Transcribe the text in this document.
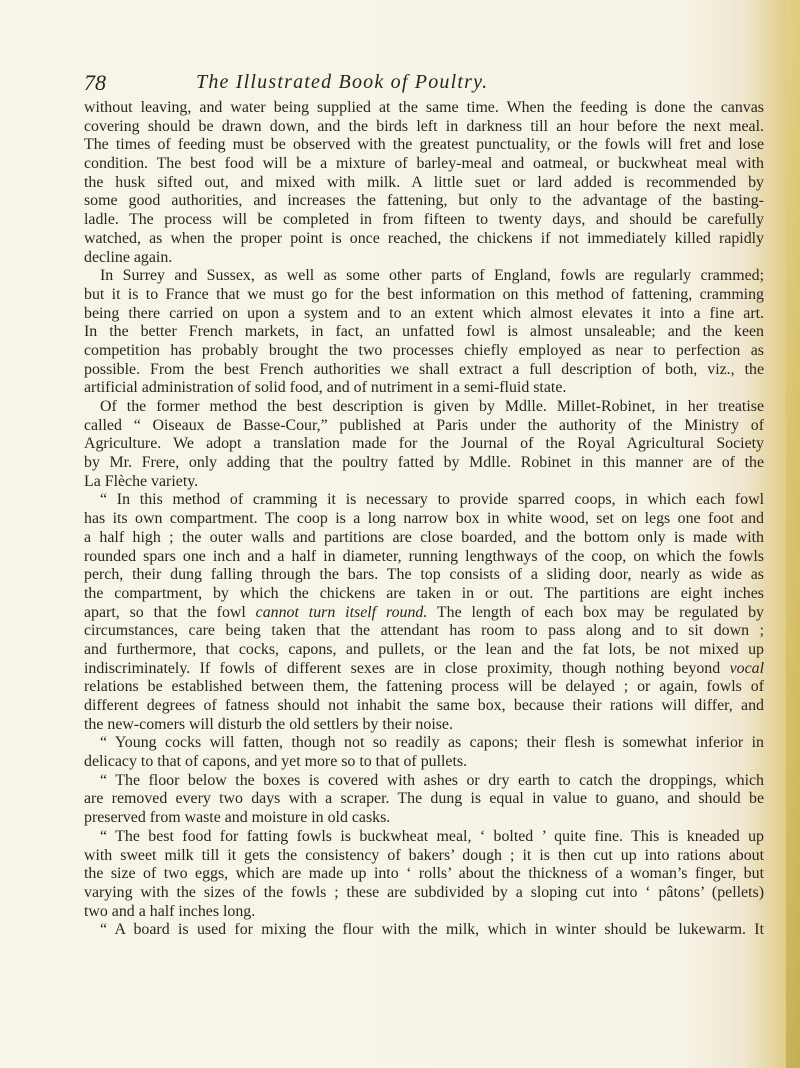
78	The Illustrated Book of Poultry.
without leaving, and water being supplied at the same time. When the feeding is done the canvas
covering should be drawn down, and the birds left in darkness till an hour before the next meal.
The times of feeding must be observed with the greatest punctuality, or the fowls will fret and lose
condition. The best food will be a mixture of barley-meal and oatmeal, or buckwheat meal with
the husk sifted out, and mixed with milk. A little suet or lard added is recommended by
some good authorities, and increases the fattening, but only to the advantage of the basting-
ladle. The process will be completed in from fifteen to twenty days, and should be carefully
watched, as when the proper point is once reached, the chickens if not immediately killed rapidly
decline again.
In Surrey and Sussex, as well as some other parts of England, fowls are regularly crammed;
but it is to France that we must go for the best information on this method of fattening, cramming
being there carried on upon a system and to an extent which almost elevates it into a fine art.
In the better French markets, in fact, an unfatted fowl is almost unsaleable; and the keen
competition has probably brought the two processes chiefly employed as near to perfection as
possible. From the best French authorities we shall extract a full description of both, viz., the
artificial administration of solid food, and of nutriment in a semi-fluid state.
Of the former method the best description is given by Mdlle. Millet-Robinet, in her treatise
called “ Oiseaux de Basse-Cour,” published at Paris under the authority of the Ministry of
Agriculture. We adopt a translation made for the Journal of the Royal Agricultural Society
by Mr. Frere, only adding that the poultry fatted by Mdlle. Robinet in this manner are of the
La Flèche variety.
“ In this method of cramming it is necessary to provide sparred coops, in which each fowl
has its own compartment. The coop is a long narrow box in white wood, set on legs one foot and
a half high ; the outer walls and partitions are close boarded, and the bottom only is made with
rounded spars one inch and a half in diameter, running lengthways of the coop, on which the fowls
perch, their dung falling through the bars. The top consists of a sliding door, nearly as wide as
the compartment, by which the chickens are taken in or out. The partitions are eight inches
apart, so that the fowl cannot turn itself round. The length of each box may be regulated by
circumstances, care being taken that the attendant has room to pass along and to sit down ;
and furthermore, that cocks, capons, and pullets, or the lean and the fat lots, be not mixed up
indiscriminately. If fowls of different sexes are in close proximity, though nothing beyond vocal
relations be established between them, the fattening process will be delayed ; or again, fowls of
different degrees of fatness should not inhabit the same box, because their rations will differ, and
the new-comers will disturb the old settlers by their noise.
“ Young cocks will fatten, though not so readily as capons; their flesh is somewhat inferior in
delicacy to that of capons, and yet more so to that of pullets.
“ The floor below the boxes is covered with ashes or dry earth to catch the droppings, which
are removed every two days with a scraper. The dung is equal in value to guano, and should be
preserved from waste and moisture in old casks.
“ The best food for fatting fowls is buckwheat meal, ‘ bolted ’ quite fine. This is kneaded up
with sweet milk till it gets the consistency of bakers’ dough ; it is then cut up into rations about
the size of two eggs, which are made up into ‘ rolls’ about the thickness of a woman’s finger, but
varying with the sizes of the fowls ; these are subdivided by a sloping cut into ‘ pâtons’ (pellets)
two and a half inches long.
“ A board is used for mixing the flour with the milk, which in winter should be lukewarm. It
